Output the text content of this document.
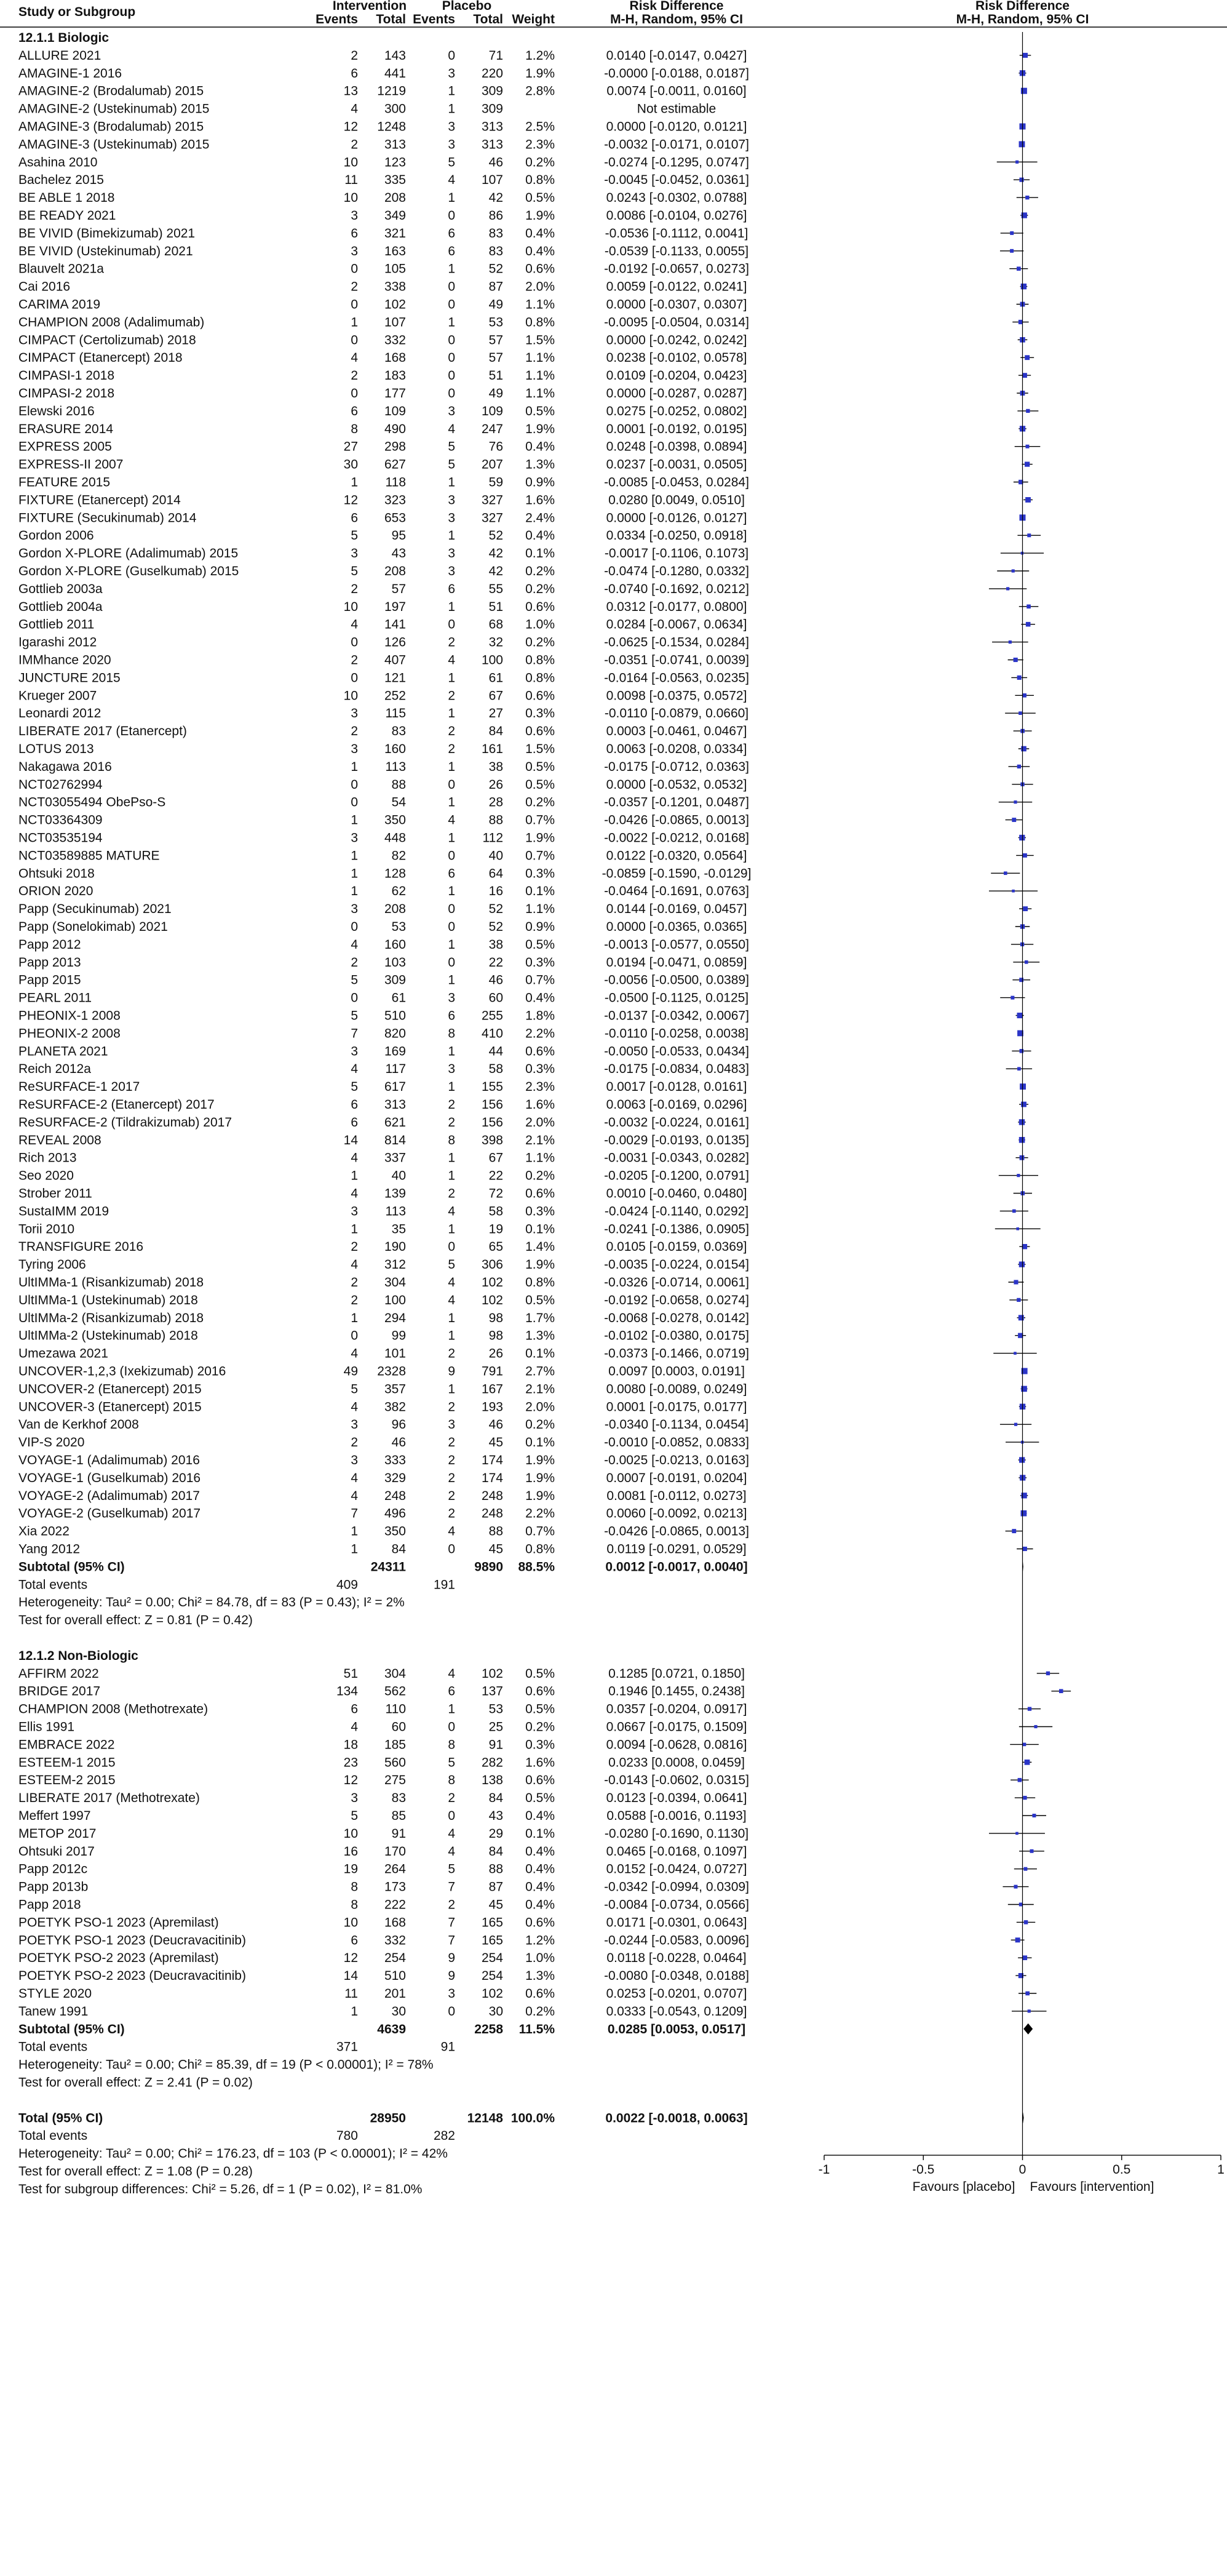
Study or Subgroup	Intervention	Placebo
Events Total Events Total Weight
Risk Difference
M-H, Random, 95% CI
Risk Difference
M-H, Random, 95% CI
12.1.1 Biologic
ALLURE 2021	2 143	0	71 1.2%	0.0140 [-0.0147, 0.0427]
AMAGINE-1 2016	6 441	3 220 1.9%	-0.0000 [-0.0188, 0.0187]
AMAGINE-2 (Brodalumab) 2015	13 1219	1 309 2.8%	0.0074 [-0.0011, 0.0160]
AMAGINE-2 (Ustekinumab) 2015	4 300	1 309	Not estimable
AMAGINE-3 (Brodalumab) 2015	12 1248	3 313 2.5%	0.0000 [-0.0120, 0.0121]
AMAGINE-3 (Ustekinumab) 2015	2 313	3 313 2.3%	-0.0032 [-0.0171, 0.0107]
Asahina 2010	10 123	5	46 0.2%	-0.0274 [-0.1295, 0.0747]
Bachelez 2015	11 335	4 107 0.8%	-0.0045 [-0.0452, 0.0361]
BE ABLE 1 2018	10 208	1	42 0.5%	0.0243 [-0.0302, 0.0788]
BE READY 2021	3 349	0	86 1.9%	0.0086 [-0.0104, 0.0276]
BE VIVID (Bimekizumab) 2021	6 321	6	83 0.4%	-0.0536 [-0.1112, 0.0041]
BE VIVID (Ustekinumab) 2021	3 163	6	83 0.4%	-0.0539 [-0.1133, 0.0055]
Blauvelt 2021a	0 105	1	52 0.6%	-0.0192 [-0.0657, 0.0273]
Cai 2016	2 338	0	87 2.0%	0.0059 [-0.0122, 0.0241]
CARIMA 2019	0 102	0	49 1.1%	0.0000 [-0.0307, 0.0307]
CHAMPION 2008 (Adalimumab)	1 107	1	53 0.8%	-0.0095 [-0.0504, 0.0314]
CIMPACT (Certolizumab) 2018	0 332	0	57 1.5%	0.0000 [-0.0242, 0.0242]
CIMPACT (Etanercept) 2018	4 168	0	57 1.1%	0.0238 [-0.0102, 0.0578]
CIMPASI-1 2018	2 183	0	51 1.1%	0.0109 [-0.0204, 0.0423]
CIMPASI-2 2018	0 177	0	49 1.1%	0.0000 [-0.0287, 0.0287]
Elewski 2016	6 109	3 109 0.5%	0.0275 [-0.0252, 0.0802]
ERASURE 2014	8 490	4 247 1.9%	0.0001 [-0.0192, 0.0195]
EXPRESS 2005	27 298	5	76 0.4%	0.0248 [-0.0398, 0.0894]
EXPRESS-II 2007	30 627	5 207 1.3%	0.0237 [-0.0031, 0.0505]
FEATURE 2015	1 118	1	59 0.9%	-0.0085 [-0.0453, 0.0284]
FIXTURE (Etanercept) 2014	12 323	3 327 1.6%	0.0280 [0.0049, 0.0510]
FIXTURE (Secukinumab) 2014	6 653	3 327 2.4%	0.0000 [-0.0126, 0.0127]
Gordon 2006	5	95	1	52 0.4%	0.0334 [-0.0250, 0.0918]
Gordon X-PLORE (Adalimumab) 2015	3	43	3	42 0.1%	-0.0017 [-0.1106, 0.1073]
Gordon X-PLORE (Guselkumab) 2015	5 208	3	42 0.2%	-0.0474 [-0.1280, 0.0332]
Gottlieb 2003a	2	57	6	55 0.2%	-0.0740 [-0.1692, 0.0212]
Gottlieb 2004a	10 197	1	51 0.6%	0.0312 [-0.0177, 0.0800]
Gottlieb 2011	4 141	0	68 1.0%	0.0284 [-0.0067, 0.0634]
Igarashi 2012	0 126	2	32 0.2%	-0.0625 [-0.1534, 0.0284]
IMMhance 2020	2 407	4 100 0.8%	-0.0351 [-0.0741, 0.0039]
JUNCTURE 2015	0 121	1	61 0.8%	-0.0164 [-0.0563, 0.0235]
Krueger 2007	10 252	2	67 0.6%	0.0098 [-0.0375, 0.0572]
Leonardi 2012	3 115	1	27 0.3%	-0.0110 [-0.0879, 0.0660]
LIBERATE 2017 (Etanercept)	2	83	2	84 0.6%	0.0003 [-0.0461, 0.0467]
LOTUS 2013	3 160	2 161 1.5%	0.0063 [-0.0208, 0.0334]
Nakagawa 2016	1 113	1	38 0.5%	-0.0175 [-0.0712, 0.0363]
NCT02762994	0	88	0	26 0.5%	0.0000 [-0.0532, 0.0532]
NCT03055494 ObePso-S	0	54	1	28 0.2%	-0.0357 [-0.1201, 0.0487]
NCT03364309	1 350	4	88 0.7%	-0.0426 [-0.0865, 0.0013]
NCT03535194	3 448	1 112 1.9%	-0.0022 [-0.0212, 0.0168]
NCT03589885 MATURE	1	82	0	40 0.7%	0.0122 [-0.0320, 0.0564]
Ohtsuki 2018	1 128	6	64 0.3%	-0.0859 [-0.1590, -0.0129]
ORION 2020	1	62	1	16 0.1%	-0.0464 [-0.1691, 0.0763]
Papp (Secukinumab) 2021	3 208	0	52 1.1%	0.0144 [-0.0169, 0.0457]
Papp (Sonelokimab) 2021	0	53	0	52 0.9%	0.0000 [-0.0365, 0.0365]
Papp 2012	4 160	1	38 0.5%	-0.0013 [-0.0577, 0.0550]
Papp 2013	2 103	0	22 0.3%	0.0194 [-0.0471, 0.0859]
Papp 2015	5 309	1	46 0.7%	-0.0056 [-0.0500, 0.0389]
PEARL 2011	0	61	3	60 0.4%	-0.0500 [-0.1125, 0.0125]
PHEONIX-1 2008	5 510	6 255 1.8%	-0.0137 [-0.0342, 0.0067]
PHEONIX-2 2008	7 820	8 410 2.2%	-0.0110 [-0.0258, 0.0038]
PLANETA 2021	3 169	1	44 0.6%	-0.0050 [-0.0533, 0.0434]
Reich 2012a	4 117	3	58 0.3%	-0.0175 [-0.0834, 0.0483]
ReSURFACE-1 2017	5 617	1 155 2.3%	0.0017 [-0.0128, 0.0161]
ReSURFACE-2 (Etanercept) 2017	6 313	2 156 1.6%	0.0063 [-0.0169, 0.0296]
ReSURFACE-2 (Tildrakizumab) 2017	6 621	2 156 2.0%	-0.0032 [-0.0224, 0.0161]
REVEAL 2008	14 814	8 398 2.1%	-0.0029 [-0.0193, 0.0135]
Rich 2013	4 337	1	67 1.1%	-0.0031 [-0.0343, 0.0282]
Seo 2020	1	40	1	22 0.2%	-0.0205 [-0.1200, 0.0791]
Strober 2011	4 139	2	72 0.6%	0.0010 [-0.0460, 0.0480]
SustaIMM 2019	3 113	4	58 0.3%	-0.0424 [-0.1140, 0.0292]
Torii 2010	1	35	1	19 0.1%	-0.0241 [-0.1386, 0.0905]
TRANSFIGURE 2016	2 190	0	65 1.4%	0.0105 [-0.0159, 0.0369]
Tyring 2006	4 312	5 306 1.9%	-0.0035 [-0.0224, 0.0154]
UltIMMa-1 (Risankizumab) 2018	2 304	4 102 0.8%	-0.0326 [-0.0714, 0.0061]
UltIMMa-1 (Ustekinumab) 2018	2 100	4 102 0.5%	-0.0192 [-0.0658, 0.0274]
UltIMMa-2 (Risankizumab) 2018	1 294	1	98 1.7%	-0.0068 [-0.0278, 0.0142]
UltIMMa-2 (Ustekinumab) 2018	0	99	1	98 1.3%	-0.0102 [-0.0380, 0.0175]
Umezawa 2021	4 101	2	26 0.1%	-0.0373 [-0.1466, 0.0719]
UNCOVER-1,2,3 (Ixekizumab) 2016	49 2328	9 791 2.7%	0.0097 [0.0003, 0.0191]
UNCOVER-2 (Etanercept) 2015	5 357	1 167 2.1%	0.0080 [-0.0089, 0.0249]
UNCOVER-3 (Etanercept) 2015	4 382	2 193 2.0%	0.0001 [-0.0175, 0.0177]
Van de Kerkhof 2008	3	96	3	46 0.2%	-0.0340 [-0.1134, 0.0454]
VIP-S 2020	2	46	2	45 0.1%	-0.0010 [-0.0852, 0.0833]
VOYAGE-1 (Adalimumab) 2016	3 333	2 174 1.9%	-0.0025 [-0.0213, 0.0163]
VOYAGE-1 (Guselkumab) 2016	4 329	2 174 1.9%	0.0007 [-0.0191, 0.0204]
VOYAGE-2 (Adalimumab) 2017	4 248	2 248 1.9%	0.0081 [-0.0112, 0.0273]
VOYAGE-2 (Guselkumab) 2017	7 496	2 248 2.2%	0.0060 [-0.0092, 0.0213]
Xia 2022	1 350	4	88 0.7%	-0.0426 [-0.0865, 0.0013]
Yang 2012	1	84	0	45 0.8%	0.0119 [-0.0291, 0.0529]
Subtotal (95% CI)	24311	9890 88.5%	0.0012 [-0.0017, 0.0040]
Total events	409	191
Heterogeneity: Tau² = 0.00; Chi² = 84.78, df = 83 (P = 0.43); I² = 2%
Test for overall effect: Z = 0.81 (P = 0.42)
12.1.2 Non-Biologic
AFFIRM 2022	51 304	4 102 0.5%	0.1285 [0.0721, 0.1850]
BRIDGE 2017	134 562	6 137 0.6%	0.1946 [0.1455, 0.2438]
CHAMPION 2008 (Methotrexate)	6 110	1	53 0.5%	0.0357 [-0.0204, 0.0917]
Ellis 1991	4	60	0	25 0.2%	0.0667 [-0.0175, 0.1509]
EMBRACE 2022	18 185	8	91 0.3%	0.0094 [-0.0628, 0.0816]
ESTEEM-1 2015	23 560	5 282 1.6%	0.0233 [0.0008, 0.0459]
ESTEEM-2 2015	12 275	8 138 0.6%	-0.0143 [-0.0602, 0.0315]
LIBERATE 2017 (Methotrexate)	3	83	2	84 0.5%	0.0123 [-0.0394, 0.0641]
Meffert 1997	5	85	0	43 0.4%	0.0588 [-0.0016, 0.1193]
METOP 2017	10	91	4	29 0.1%	-0.0280 [-0.1690, 0.1130]
Ohtsuki 2017	16 170	4	84 0.4%	0.0465 [-0.0168, 0.1097]
Papp 2012c	19 264	5	88 0.4%	0.0152 [-0.0424, 0.0727]
Papp 2013b	8 173	7	87 0.4%	-0.0342 [-0.0994, 0.0309]
Papp 2018	8 222	2	45 0.4%	-0.0084 [-0.0734, 0.0566]
POETYK PSO-1 2023 (Apremilast)	10 168	7 165 0.6%	0.0171 [-0.0301, 0.0643]
POETYK PSO-1 2023 (Deucravacitinib)	6 332	7 165 1.2%	-0.0244 [-0.0583, 0.0096]
POETYK PSO-2 2023 (Apremilast)	12 254	9 254 1.0%	0.0118 [-0.0228, 0.0464]
POETYK PSO-2 2023 (Deucravacitinib)	14 510	9 254 1.3%	-0.0080 [-0.0348, 0.0188]
STYLE 2020	11 201	3 102 0.6%	0.0253 [-0.0201, 0.0707]
Tanew 1991	1	30	0	30 0.2%	0.0333 [-0.0543, 0.1209]
Subtotal (95% CI)	4639	2258 11.5%	0.0285 [0.0053, 0.0517]
Total events	371	91
Heterogeneity: Tau² = 0.00; Chi² = 85.39, df = 19 (P < 0.00001); I² = 78%
Test for overall effect: Z = 2.41 (P = 0.02)
Total (95% CI)	28950	12148 100.0%	0.0022 [-0.0018, 0.0063]
Total events	780	282
Heterogeneity: Tau² = 0.00; Chi² = 176.23, df = 103 (P < 0.00001); I² = 42%
Test for overall effect: Z = 1.08 (P = 0.28)
Test for subgroup differences: Chi² = 5.26, df = 1 (P = 0.02), I² = 81.0%
-1	-0.5	0	0.5	1
Favours [placebo] Favours [intervention]
